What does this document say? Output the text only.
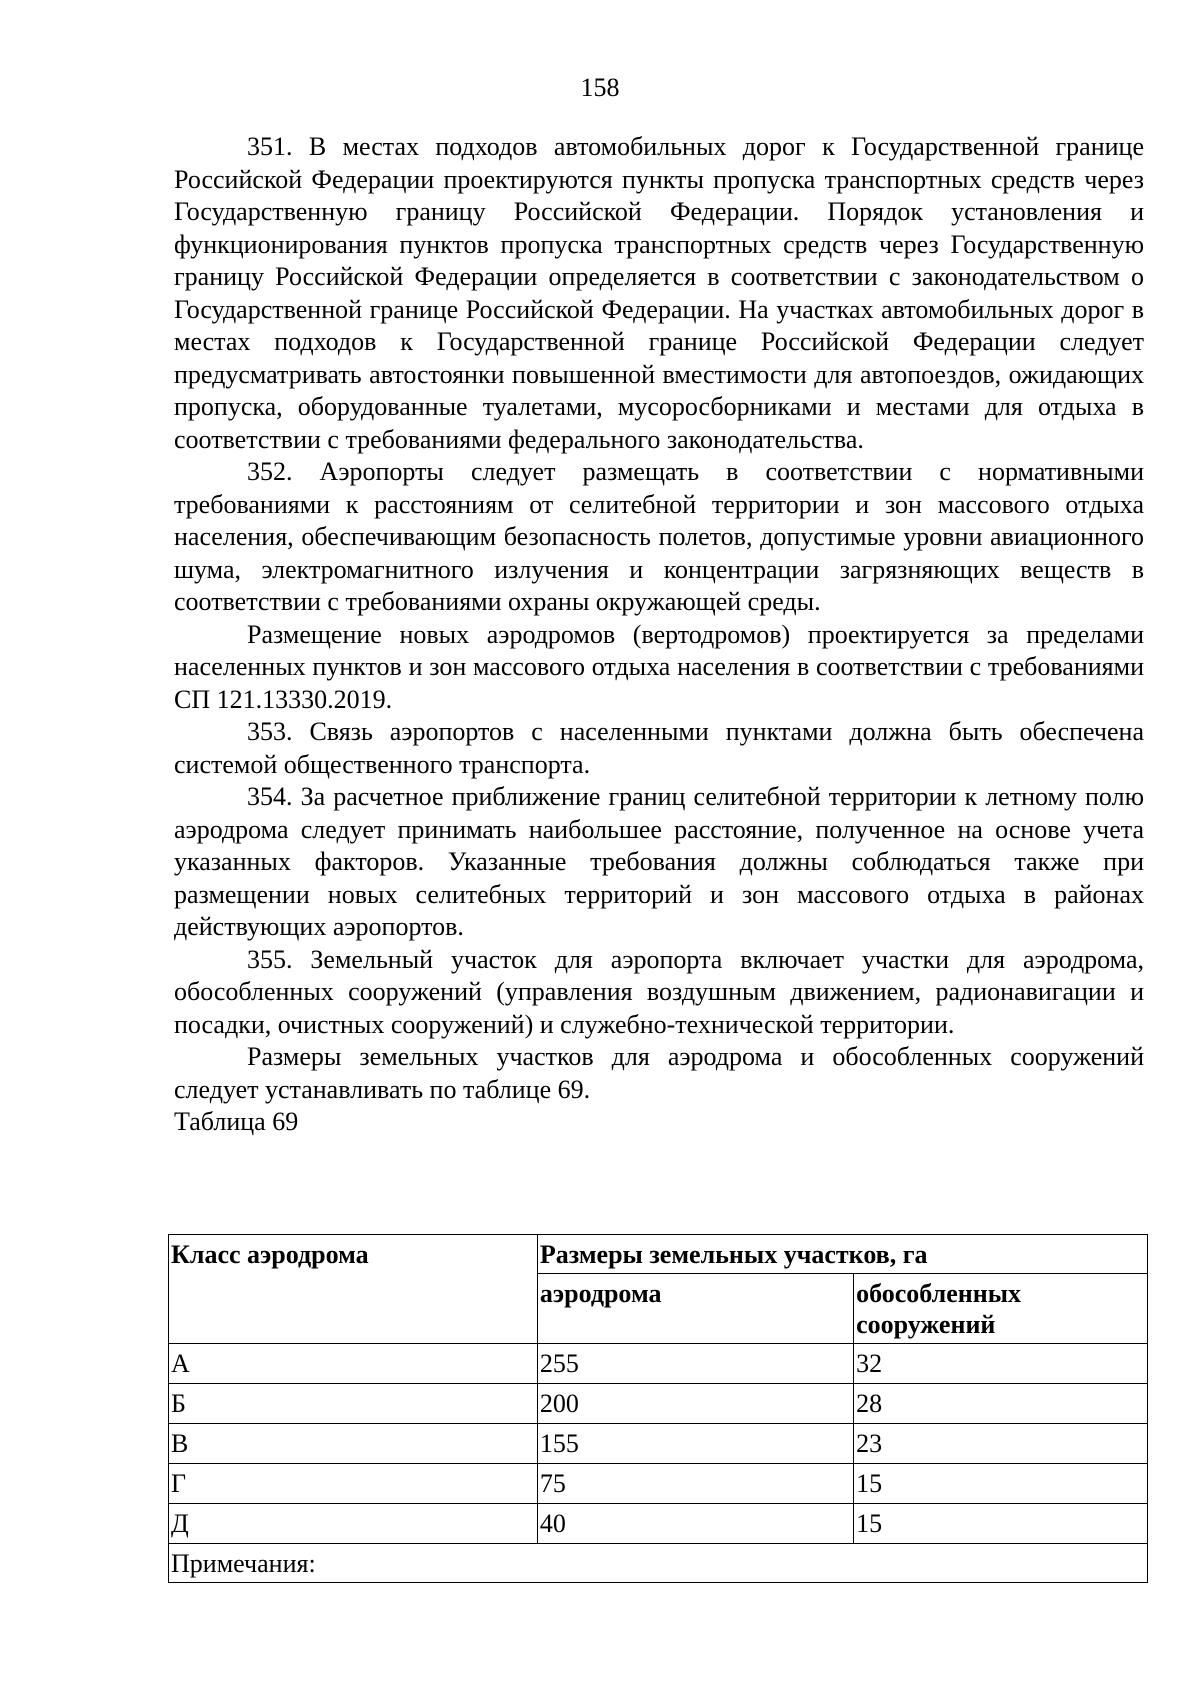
158

351. В местах подходов автомобильных дорог к Государственной границе Российской Федерации проектируются пункты пропуска транспортных средств через Государственную границу Российской Федерации. Порядок установления и функционирования пунктов пропуска транспортных средств через Государственную границу Российской Федерации определяется в соответствии с законодательством о Государственной границе Российской Федерации. На участках автомобильных дорог в местах подходов к Государственной границе Российской Федерации следует предусматривать автостоянки повышенной вместимости для автопоездов, ожидающих пропуска, оборудованные туалетами, мусоросборниками и местами для отдыха в соответствии с требованиями федерального законодательства.

352. Аэропорты следует размещать в соответствии с нормативными требованиями к расстояниям от селитебной территории и зон массового отдыха населения, обеспечивающим безопасность полетов, допустимые уровни авиационного шума, электромагнитного излучения и концентрации загрязняющих веществ в соответствии с требованиями охраны окружающей среды.

Размещение новых аэродромов (вертодромов) проектируется за пределами населенных пунктов и зон массового отдыха населения в соответствии с требованиями СП 121.13330.2019.

353. Связь аэропортов с населенными пунктами должна быть обеспечена системой общественного транспорта.

354. За расчетное приближение границ селитебной территории к летному полю аэродрома следует принимать наибольшее расстояние, полученное на основе учета указанных факторов. Указанные требования должны соблюдаться также при размещении новых селитебных территорий и зон массового отдыха в районах действующих аэропортов.

355. Земельный участок для аэропорта включает участки для аэродрома, обособленных сооружений (управления воздушным движением, радионавигации и посадки, очистных сооружений) и служебно-технической территории.

Размеры земельных участков для аэродрома и обособленных сооружений следует устанавливать по таблице 69.

Таблица 69

Класс аэродрома	Размеры земельных участков, га	
	аэродрома	обособленных сооружений
А	255	32
Б	200	28
В	155	23
Г	75	15
Д	40	15
Примечания:		
